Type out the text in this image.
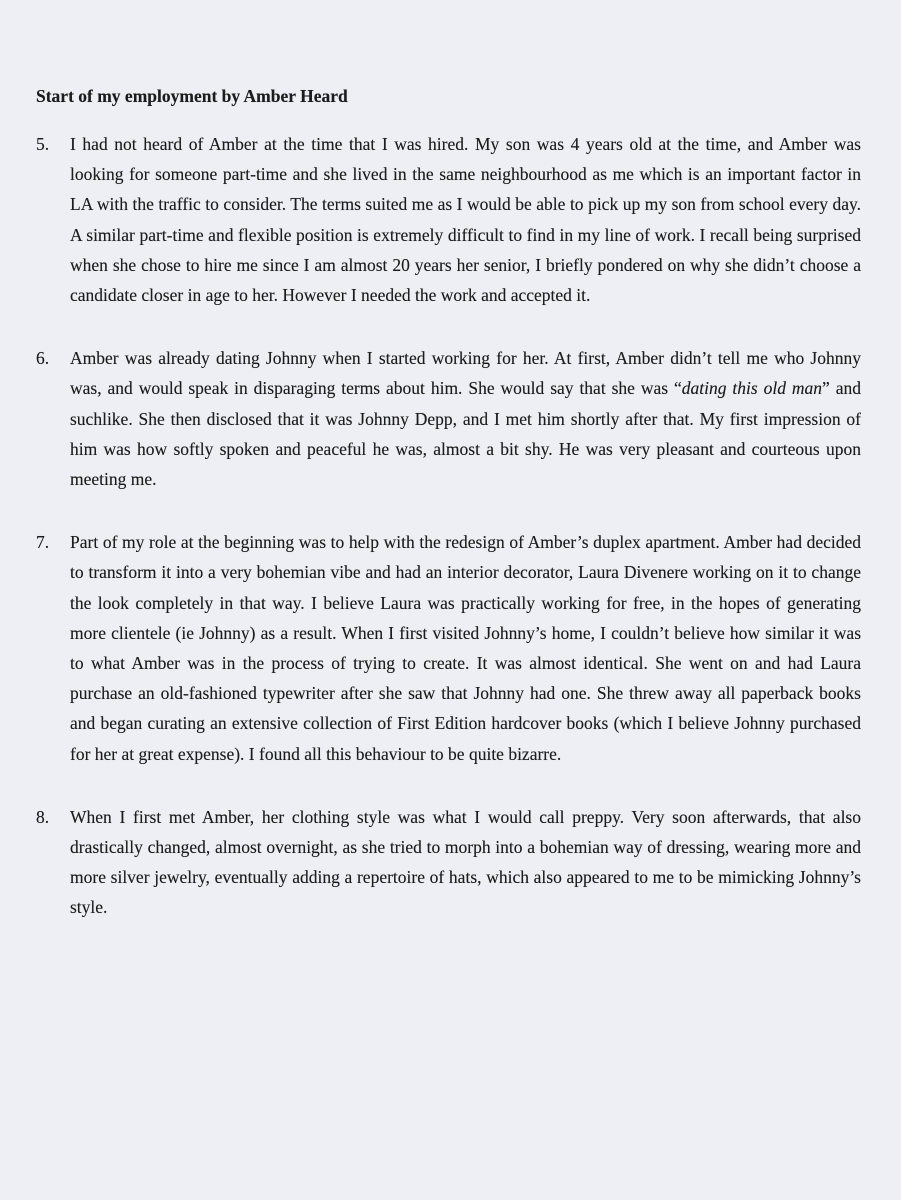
Start of my employment by Amber Heard
5. I had not heard of Amber at the time that I was hired. My son was 4 years old at the time, and Amber was looking for someone part-time and she lived in the same neighbourhood as me which is an important factor in LA with the traffic to consider. The terms suited me as I would be able to pick up my son from school every day. A similar part-time and flexible position is extremely difficult to find in my line of work. I recall being surprised when she chose to hire me since I am almost 20 years her senior, I briefly pondered on why she didn’t choose a candidate closer in age to her. However I needed the work and accepted it.
6. Amber was already dating Johnny when I started working for her. At first, Amber didn’t tell me who Johnny was, and would speak in disparaging terms about him. She would say that she was “dating this old man” and suchlike. She then disclosed that it was Johnny Depp, and I met him shortly after that. My first impression of him was how softly spoken and peaceful he was, almost a bit shy. He was very pleasant and courteous upon meeting me.
7. Part of my role at the beginning was to help with the redesign of Amber’s duplex apartment. Amber had decided to transform it into a very bohemian vibe and had an interior decorator, Laura Divenere working on it to change the look completely in that way. I believe Laura was practically working for free, in the hopes of generating more clientele (ie Johnny) as a result. When I first visited Johnny’s home, I couldn’t believe how similar it was to what Amber was in the process of trying to create. It was almost identical. She went on and had Laura purchase an old-fashioned typewriter after she saw that Johnny had one. She threw away all paperback books and began curating an extensive collection of First Edition hardcover books (which I believe Johnny purchased for her at great expense). I found all this behaviour to be quite bizarre.
8. When I first met Amber, her clothing style was what I would call preppy. Very soon afterwards, that also drastically changed, almost overnight, as she tried to morph into a bohemian way of dressing, wearing more and more silver jewelry, eventually adding a repertoire of hats, which also appeared to me to be mimicking Johnny’s style.
